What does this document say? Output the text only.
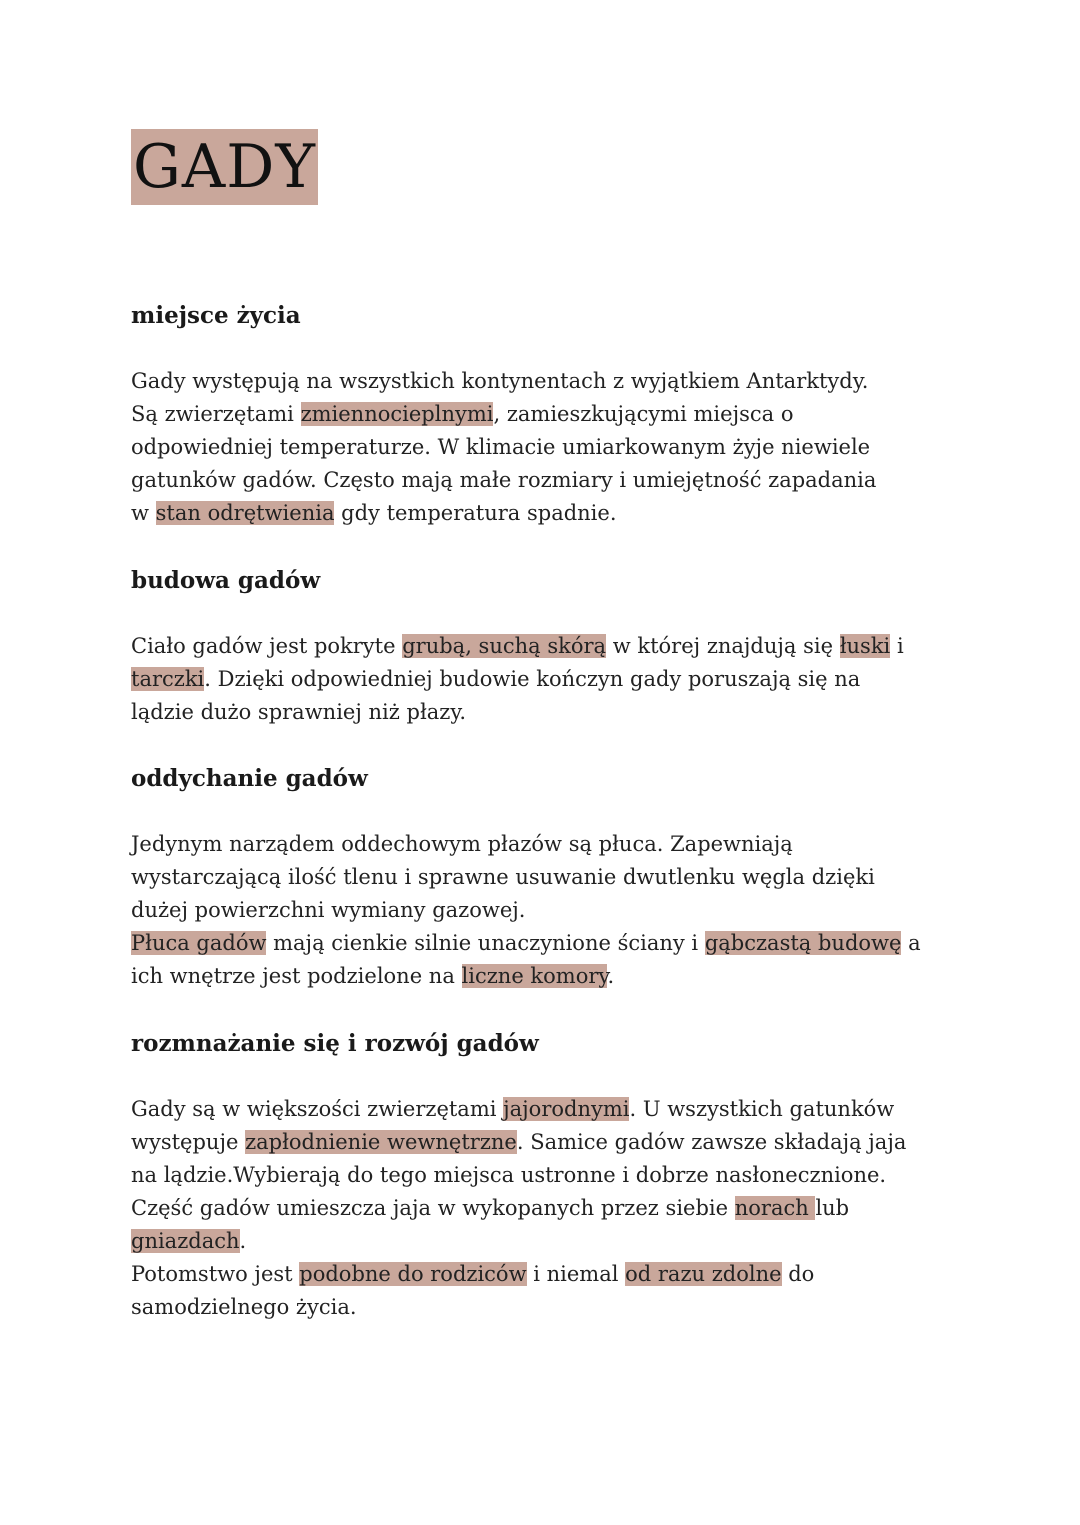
GADY
miejsce życia
Gady występują na wszystkich kontynentach z wyjątkiem Antarktydy.
Są zwierzętami zmiennocieplnymi, zamieszkującymi miejsca o
odpowiedniej temperaturze. W klimacie umiarkowanym żyje niewiele
gatunków gadów. Często mają małe rozmiary i umiejętność zapadania
w stan odrętwienia gdy temperatura spadnie.
budowa gadów
Ciało gadów jest pokryte grubą, suchą skórą w której znajdują się łuski i
tarczki. Dzięki odpowiedniej budowie kończyn gady poruszają się na
lądzie dużo sprawniej niż płazy.
oddychanie gadów
Jedynym narządem oddechowym płazów są płuca. Zapewniają
wystarczającą ilość tlenu i sprawne usuwanie dwutlenku węgla dzięki
dużej powierzchni wymiany gazowej.
Płuca gadów mają cienkie silnie unaczynione ściany i gąbczastą budowę a
ich wnętrze jest podzielone na liczne komory.
rozmnażanie się i rozwój gadów
Gady są w większości zwierzętami jajorodnymi. U wszystkich gatunków
występuje zapłodnienie wewnętrzne. Samice gadów zawsze składają jaja
na lądzie.Wybierają do tego miejsca ustronne i dobrze nasłonecznione.
Część gadów umieszcza jaja w wykopanych przez siebie norach lub
gniazdach.
Potomstwo jest podobne do rodziców i niemal od razu zdolne do
samodzielnego życia.
